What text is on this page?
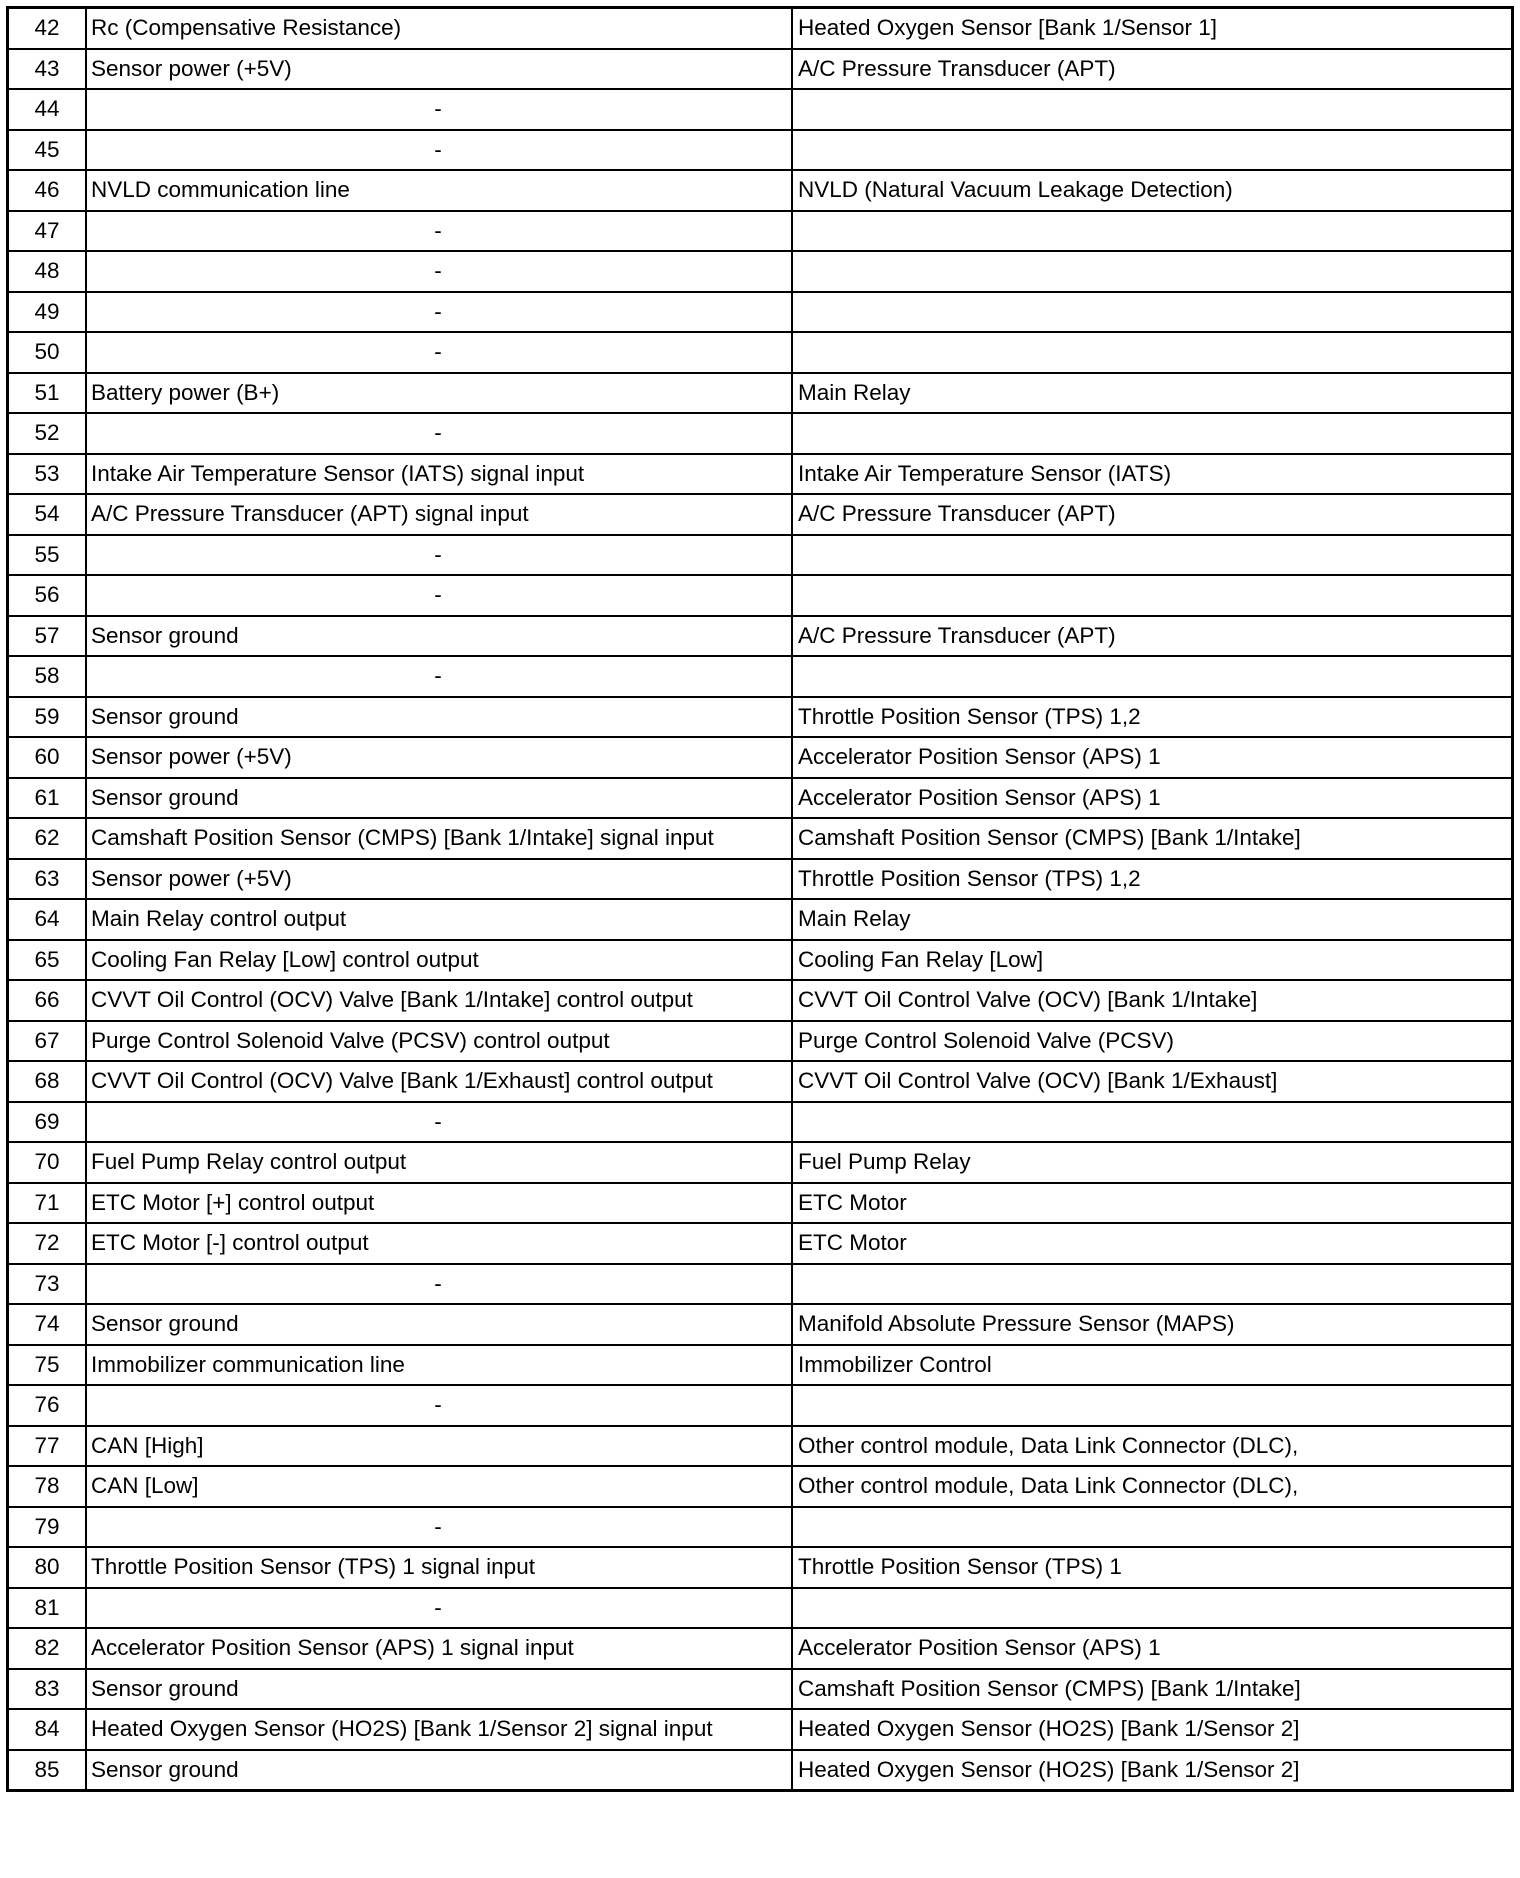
42	Rc (Compensative Resistance)	Heated Oxygen Sensor [Bank 1/Sensor 1]
43	Sensor power (+5V)	A/C Pressure Transducer (APT)
44	-	
45	-	
46	NVLD communication line	NVLD (Natural Vacuum Leakage Detection)
47	-	
48	-	
49	-	
50	-	
51	Battery power (B+)	Main Relay
52	-	
53	Intake Air Temperature Sensor (IATS) signal input	Intake Air Temperature Sensor (IATS)
54	A/C Pressure Transducer (APT) signal input	A/C Pressure Transducer (APT)
55	-	
56	-	
57	Sensor ground	A/C Pressure Transducer (APT)
58	-	
59	Sensor ground	Throttle Position Sensor (TPS) 1,2
60	Sensor power (+5V)	Accelerator Position Sensor (APS) 1
61	Sensor ground	Accelerator Position Sensor (APS) 1
62	Camshaft Position Sensor (CMPS) [Bank 1/Intake] signal input	Camshaft Position Sensor (CMPS) [Bank 1/Intake]
63	Sensor power (+5V)	Throttle Position Sensor (TPS) 1,2
64	Main Relay control output	Main Relay
65	Cooling Fan Relay [Low] control output	Cooling Fan Relay [Low]
66	CVVT Oil Control (OCV) Valve [Bank 1/Intake] control output	CVVT Oil Control Valve (OCV) [Bank 1/Intake]
67	Purge Control Solenoid Valve (PCSV) control output	Purge Control Solenoid Valve (PCSV)
68	CVVT Oil Control (OCV) Valve [Bank 1/Exhaust] control output	CVVT Oil Control Valve (OCV) [Bank 1/Exhaust]
69	-	
70	Fuel Pump Relay control output	Fuel Pump Relay
71	ETC Motor [+] control output	ETC Motor
72	ETC Motor [-] control output	ETC Motor
73	-	
74	Sensor ground	Manifold Absolute Pressure Sensor (MAPS)
75	Immobilizer communication line	Immobilizer Control
76	-	
77	CAN [High]	Other control module, Data Link Connector (DLC),
78	CAN [Low]	Other control module, Data Link Connector (DLC),
79	-	
80	Throttle Position Sensor (TPS) 1 signal input	Throttle Position Sensor (TPS) 1
81	-	
82	Accelerator Position Sensor (APS) 1 signal input	Accelerator Position Sensor (APS) 1
83	Sensor ground	Camshaft Position Sensor (CMPS) [Bank 1/Intake]
84	Heated Oxygen Sensor (HO2S) [Bank 1/Sensor 2] signal input	Heated Oxygen Sensor (HO2S) [Bank 1/Sensor 2]
85	Sensor ground	Heated Oxygen Sensor (HO2S) [Bank 1/Sensor 2]
